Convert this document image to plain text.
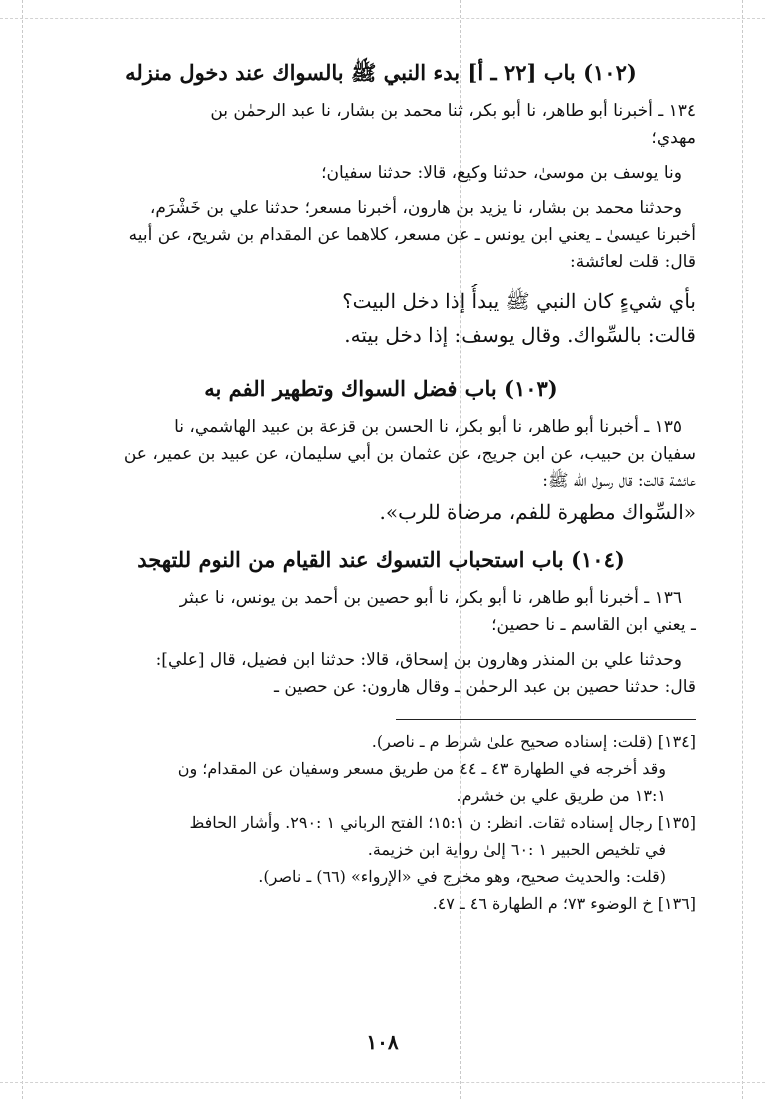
(١٠٢) باب [٢٢ ـ أ] بدء النبي ﷺ بالسواك عند دخول منزله
١٣٤ ـ أخبرنا أبو طاهر، نا أبو بكر، ثنا محمد بن بشار، نا عبد الرحمٰن بن
مهدي؛
ونا يوسف بن موسىٰ، حدثنا وكيع، قالا: حدثنا سفيان؛
وحدثنا محمد بن بشار، نا يزيد بن هارون، أخبرنا مسعر؛ حدثنا علي بن خَشْرَم،
أخبرنا عيسىٰ ـ يعني ابن يونس ـ عن مسعر، كلاهما عن المقدام بن شريح، عن أبيه
قال: قلت لعائشة:
بأي شيءٍ كان النبي ﷺ يبدأُ إذا دخل البيت؟
قالت: بالسِّواك. وقال يوسف: إذا دخل بيته.
(١٠٣) باب فضل السواك وتطهير الفم به
١٣٥ ـ أخبرنا أبو طاهر، نا أبو بكر، نا الحسن بن قزعة بن عبيد الهاشمي، نا
سفيان بن حبيب، عن ابن جريج، عن عثمان بن أبي سليمان، عن عبيد بن عمير، عن
عائشة قالت: قال رسول الله ﷺ:
«السِّواك مطهرة للفم، مرضاة للرب».
(١٠٤) باب استحباب التسوك عند القيام من النوم للتهجد
١٣٦ ـ أخبرنا أبو طاهر، نا أبو بكر، نا أبو حصين بن أحمد بن يونس، نا عبثر
ـ يعني ابن القاسم ـ نا حصين؛
وحدثنا علي بن المنذر وهارون بن إسحاق، قالا: حدثنا ابن فضيل، قال [علي]:
قال: حدثنا حصين بن عبد الرحمٰن ـ وقال هارون: عن حصين ـ
[١٣٤] (قلت: إسناده صحيح علىٰ شرط م ـ ناصر).
وقد أخرجه في الطهارة ٤٣ ـ ٤٤ من طريق مسعر وسفيان عن المقدام؛ ون
١٣:١ من طريق علي بن خشرم.
[١٣٥] رجال إسناده ثقات. انظر: ن ١٥:١؛ الفتح الرباني ١ :٢٩٠. وأشار الحافظ
في تلخيص الحبير ١ :٦٠ إلىٰ رواية ابن خزيمة.
(قلت: والحديث صحيح، وهو مخرج في «الإرواء» (٦٦) ـ ناصر).
[١٣٦] خ الوضوء ٧٣؛ م الطهارة ٤٦ ـ ٤٧.
١٠٨
